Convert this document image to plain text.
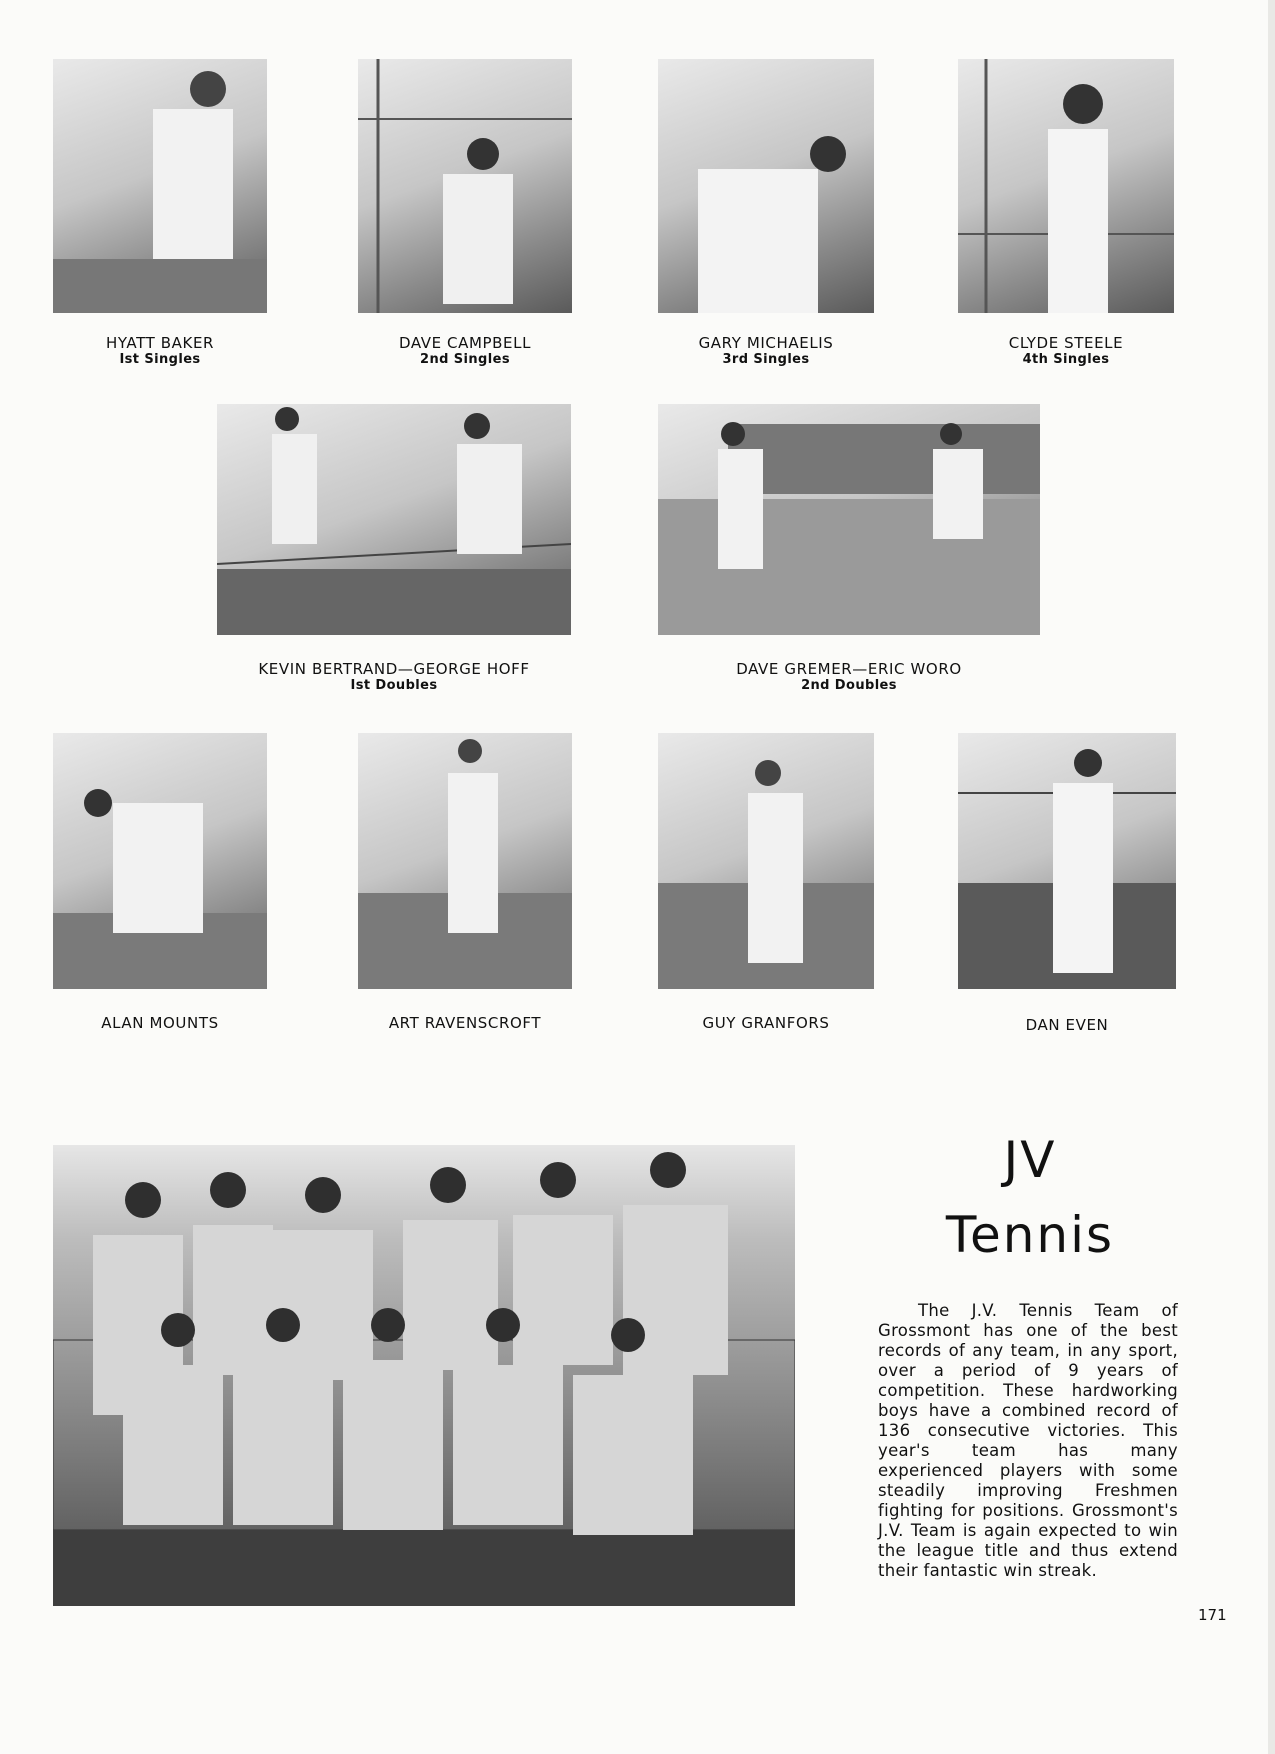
HYATT BAKER
Ist Singles
DAVE CAMPBELL
2nd Singles
GARY MICHAELIS
3rd Singles
CLYDE STEELE
4th Singles
KEVIN BERTRAND—GEORGE HOFF
Ist Doubles
DAVE GREMER—ERIC WORO
2nd Doubles
ALAN MOUNTS	ART RAVENSCROFT	GUY GRANFORS	DAN EVEN
JV
Tennis
The J.V. Tennis Team of Grossmont has one of the best records of any team, in any sport, over a period of 9 years of competition. These hardworking boys have a combined record of 136 consecutive victories. This year's team has many experienced players with some steadily improving Freshmen fighting for positions. Grossmont's J.V. Team is again expected to win the league title and thus extend their fantastic win streak.
171
